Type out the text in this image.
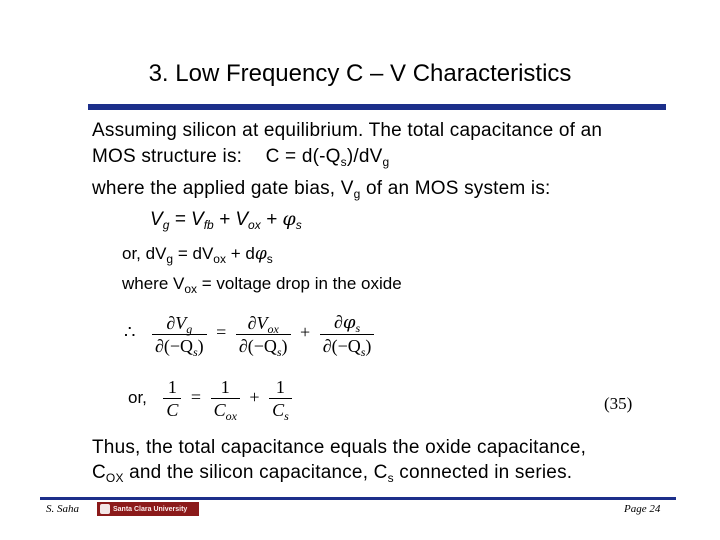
3. Low Frequency C – V Characteristics
Assuming silicon at equilibrium. The total capacitance of an
MOS structure is: $C = d(-Q_s)/dV_g$
where the applied gate bias, $V_g$ of an MOS system is:
$V_g = V_{fb} + V_{ox} + \varphi_s$
or, $dV_g = dV_{ox} + d\varphi_s$
where $V_{ox}$ = voltage drop in the oxide
∴ $\frac{\partial V_g}{\partial(-Q_s)} = \frac{\partial V_{ox}}{\partial(-Q_s)} + \frac{\partial\varphi_s}{\partial(-Q_s)}$
or, $\frac{1}{C} = \frac{1}{C_{ox}} + \frac{1}{C_s}$	(35)
Thus, the total capacitance equals the oxide capacitance,
$C_{OX}$ and the silicon capacitance, $C_s$ connected in series.
S. Saha	Santa Clara University	Page 24
